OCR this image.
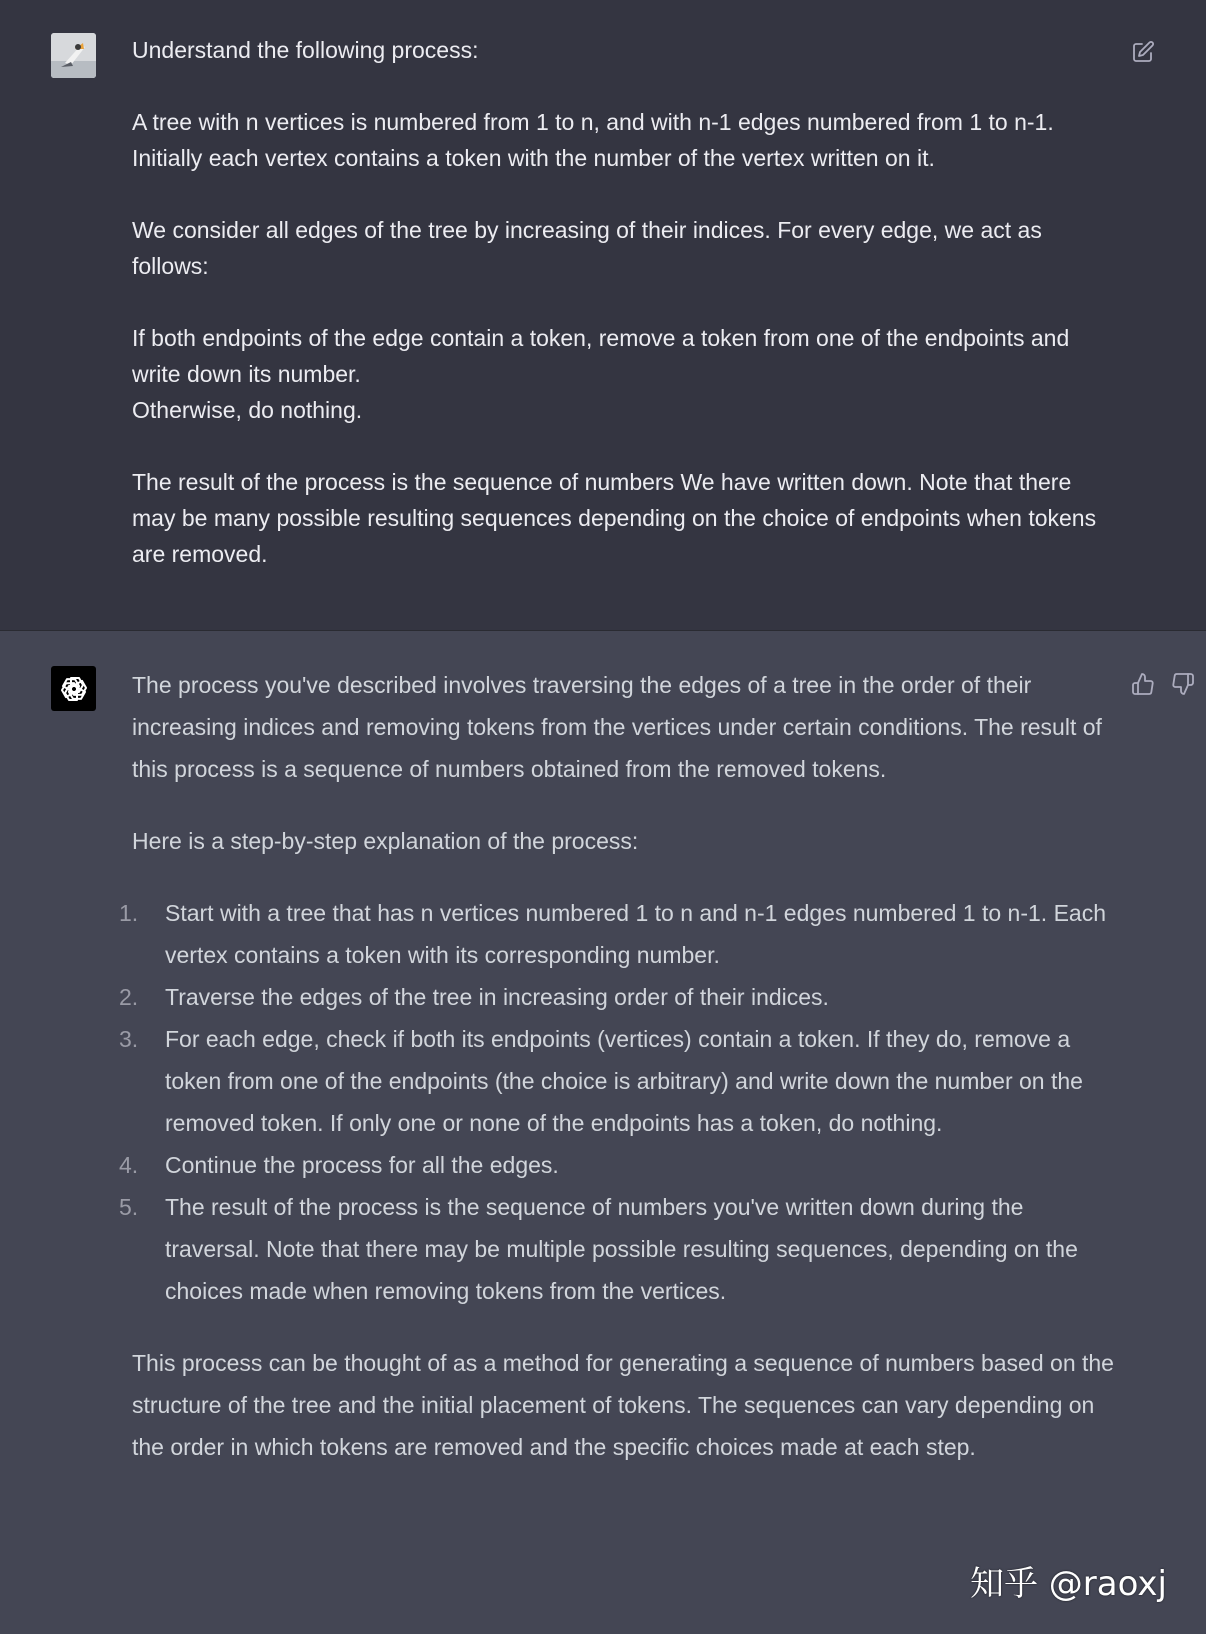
Understand the following process:

A tree with n vertices is numbered from 1 to n, and with n-1 edges numbered from 1 to n-1. Initially each vertex contains a token with the number of the vertex written on it.

We consider all edges of the tree by increasing of their indices. For every edge, we act as follows:

If both endpoints of the edge contain a token, remove a token from one of the endpoints and write down its number.

Otherwise, do nothing.

The result of the process is the sequence of numbers We have written down. Note that there may be many possible resulting sequences depending on the choice of endpoints when tokens are removed.

The process you've described involves traversing the edges of a tree in the order of their increasing indices and removing tokens from the vertices under certain conditions. The result of this process is a sequence of numbers obtained from the removed tokens.

Here is a step-by-step explanation of the process:

1. Start with a tree that has n vertices numbered 1 to n and n-1 edges numbered 1 to n-1. Each vertex contains a token with its corresponding number.
2. Traverse the edges of the tree in increasing order of their indices.
3. For each edge, check if both its endpoints (vertices) contain a token. If they do, remove a token from one of the endpoints (the choice is arbitrary) and write down the number on the removed token. If only one or none of the endpoints has a token, do nothing.
4. Continue the process for all the edges.
5. The result of the process is the sequence of numbers you've written down during the traversal. Note that there may be multiple possible resulting sequences, depending on the choices made when removing tokens from the vertices.

This process can be thought of as a method for generating a sequence of numbers based on the structure of the tree and the initial placement of tokens. The sequences can vary depending on the order in which tokens are removed and the specific choices made at each step.

知乎 @raoxj
